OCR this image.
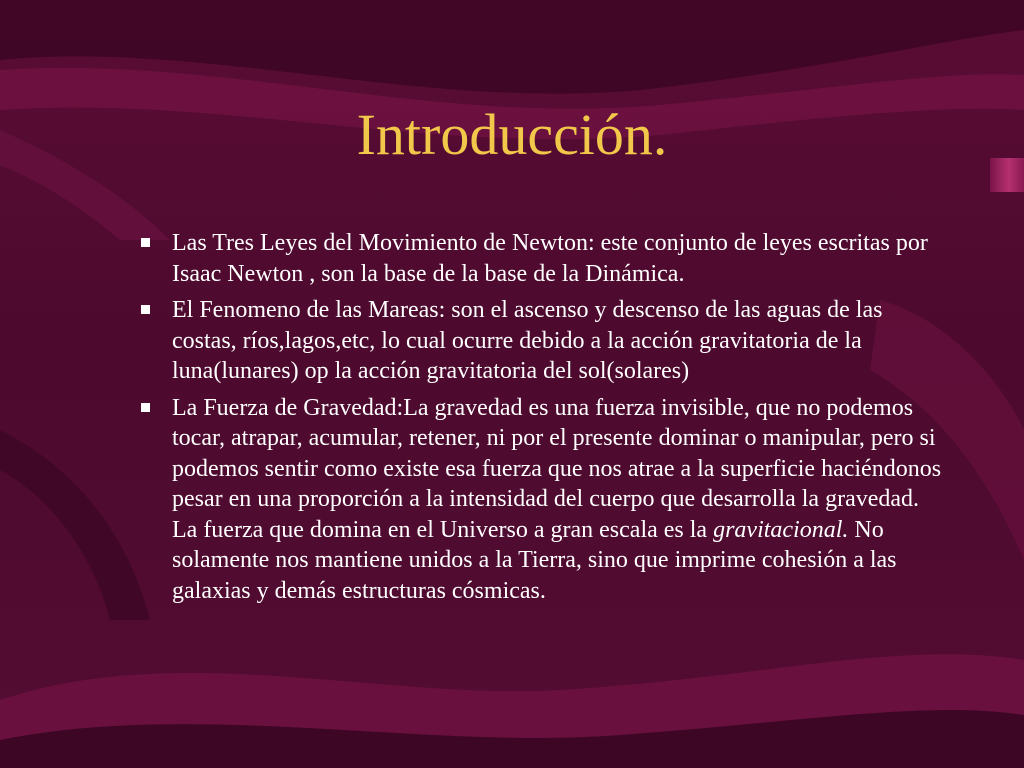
Introducción.
Las Tres Leyes del Movimiento de Newton: este conjunto de leyes escritas por Isaac Newton , son la base de la base de la Dinámica.
El Fenomeno de las Mareas: son el ascenso y descenso de las aguas de las costas, ríos,lagos,etc, lo cual ocurre debido a la acción gravitatoria de la luna(lunares) op la acción gravitatoria del sol(solares)
La Fuerza de Gravedad:La gravedad es una fuerza invisible, que no podemos tocar, atrapar, acumular, retener, ni por el presente dominar o manipular, pero si podemos sentir como existe esa fuerza que nos atrae a la superficie haciéndonos pesar en una proporción a la intensidad del cuerpo que desarrolla la gravedad. La fuerza que domina en el Universo a gran escala es la gravitacional. No solamente nos mantiene unidos a la Tierra, sino que imprime cohesión a las galaxias y demás estructuras cósmicas.
